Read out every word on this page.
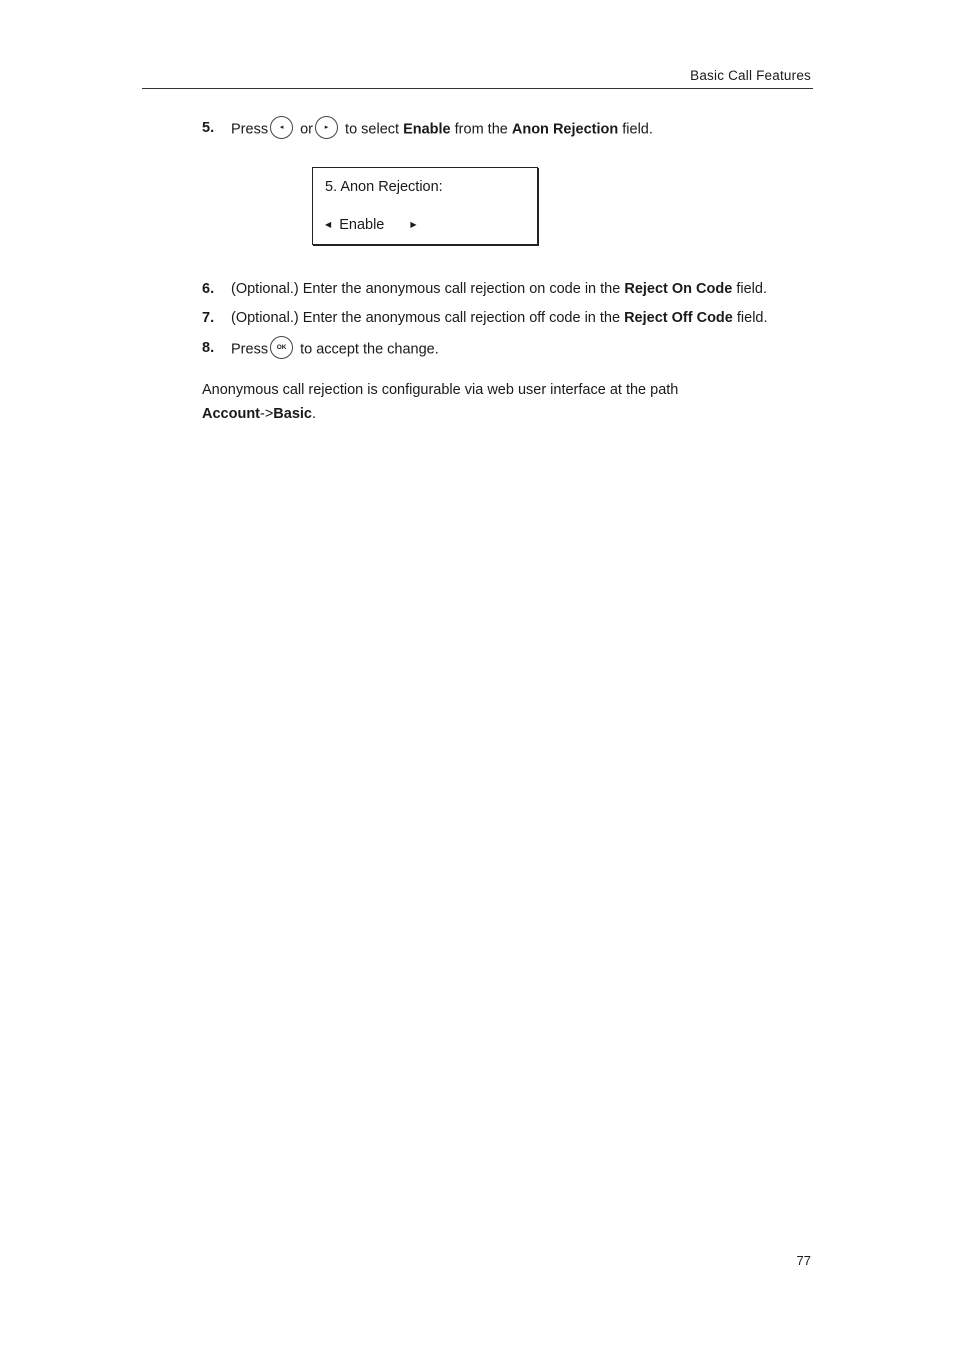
Basic Call Features
5. Press	◂	or	▸	to select Enable from the Anon Rejection field.
5. Anon Rejection:
◀ Enable	▶
6. (Optional.) Enter the anonymous call rejection on code in the Reject On Code field.
7. (Optional.) Enter the anonymous call rejection off code in the Reject Off Code field.
8. Press	OK to accept the change.
Anonymous call rejection is configurable via web user interface at the path
Account->Basic.
77
